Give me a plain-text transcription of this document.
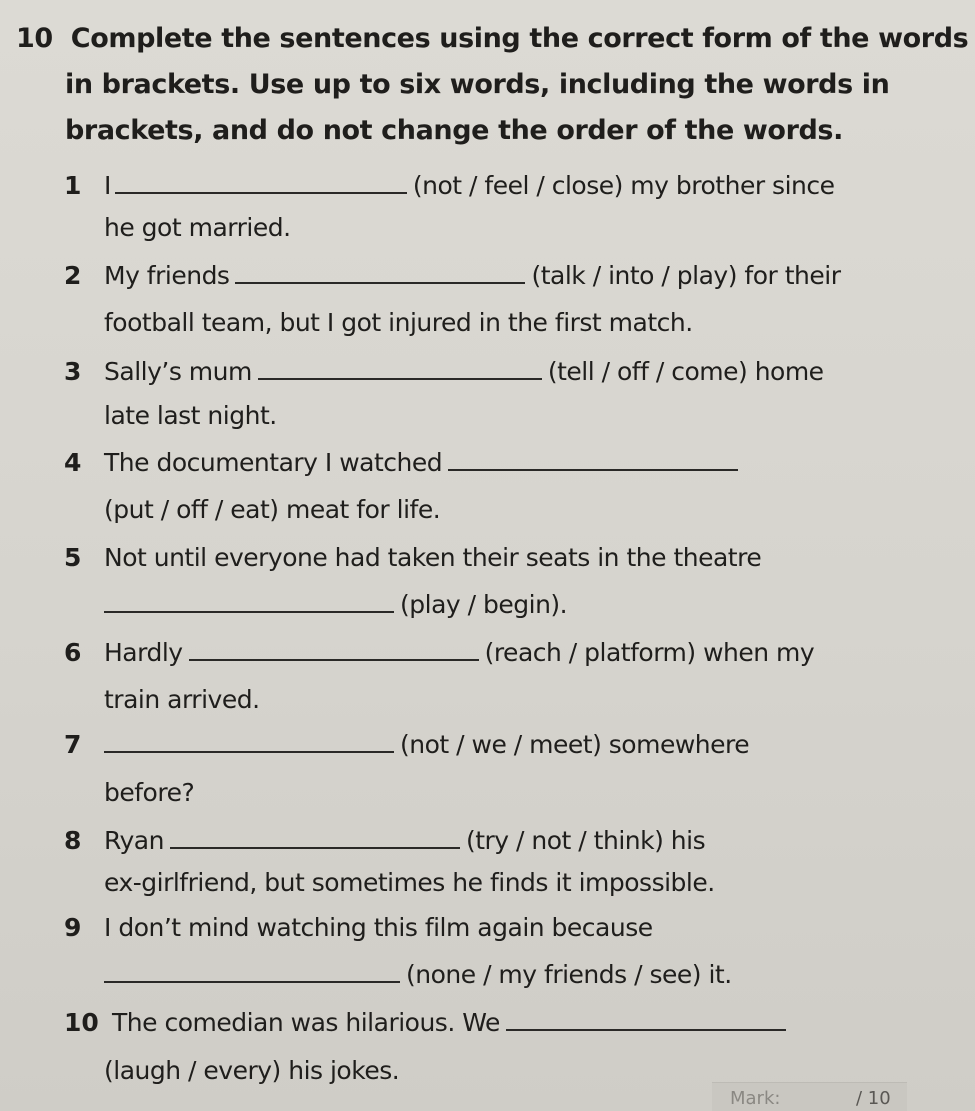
10 Complete the sentences using the correct form of the words
in brackets. Use up to six words, including the words in
brackets, and do not change the order of the words.
1 I	(not / feel / close) my brother since
he got married.
2 My friends	(talk / into / play) for their
football team, but I got injured in the first match.
3 Sally’s mum	(tell / off / come) home
late last night.
4 The documentary I watched
(put / off / eat) meat for life.
5 Not until everyone had taken their seats in the theatre
(play / begin).
6 Hardly	(reach / platform) when my
train arrived.
7	(not / we / meet) somewhere
before?
8 Ryan	(try / not / think) his
ex-girlfriend, but sometimes he finds it impossible.
9 I don’t mind watching this film again because
(none / my friends / see) it.
10 The comedian was hilarious. We
(laugh / every) his jokes.
Mark:	/ 10
